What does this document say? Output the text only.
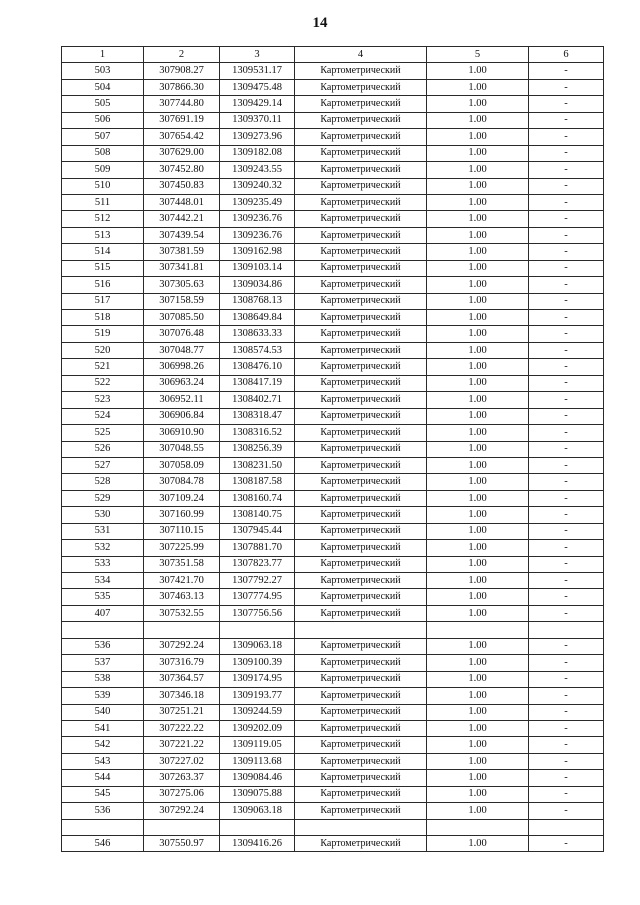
14
1	2	3	4	5	6
503	307908.27	1309531.17	Картометрический	1.00	-
504	307866.30	1309475.48	Картометрический	1.00	-
505	307744.80	1309429.14	Картометрический	1.00	-
506	307691.19	1309370.11	Картометрический	1.00	-
507	307654.42	1309273.96	Картометрический	1.00	-
508	307629.00	1309182.08	Картометрический	1.00	-
509	307452.80	1309243.55	Картометрический	1.00	-
510	307450.83	1309240.32	Картометрический	1.00	-
511	307448.01	1309235.49	Картометрический	1.00	-
512	307442.21	1309236.76	Картометрический	1.00	-
513	307439.54	1309236.76	Картометрический	1.00	-
514	307381.59	1309162.98	Картометрический	1.00	-
515	307341.81	1309103.14	Картометрический	1.00	-
516	307305.63	1309034.86	Картометрический	1.00	-
517	307158.59	1308768.13	Картометрический	1.00	-
518	307085.50	1308649.84	Картометрический	1.00	-
519	307076.48	1308633.33	Картометрический	1.00	-
520	307048.77	1308574.53	Картометрический	1.00	-
521	306998.26	1308476.10	Картометрический	1.00	-
522	306963.24	1308417.19	Картометрический	1.00	-
523	306952.11	1308402.71	Картометрический	1.00	-
524	306906.84	1308318.47	Картометрический	1.00	-
525	306910.90	1308316.52	Картометрический	1.00	-
526	307048.55	1308256.39	Картометрический	1.00	-
527	307058.09	1308231.50	Картометрический	1.00	-
528	307084.78	1308187.58	Картометрический	1.00	-
529	307109.24	1308160.74	Картометрический	1.00	-
530	307160.99	1308140.75	Картометрический	1.00	-
531	307110.15	1307945.44	Картометрический	1.00	-
532	307225.99	1307881.70	Картометрический	1.00	-
533	307351.58	1307823.77	Картометрический	1.00	-
534	307421.70	1307792.27	Картометрический	1.00	-
535	307463.13	1307774.95	Картометрический	1.00	-
407	307532.55	1307756.56	Картометрический	1.00	-

536	307292.24	1309063.18	Картометрический	1.00	-
537	307316.79	1309100.39	Картометрический	1.00	-
538	307364.57	1309174.95	Картометрический	1.00	-
539	307346.18	1309193.77	Картометрический	1.00	-
540	307251.21	1309244.59	Картометрический	1.00	-
541	307222.22	1309202.09	Картометрический	1.00	-
542	307221.22	1309119.05	Картометрический	1.00	-
543	307227.02	1309113.68	Картометрический	1.00	-
544	307263.37	1309084.46	Картометрический	1.00	-
545	307275.06	1309075.88	Картометрический	1.00	-
536	307292.24	1309063.18	Картометрический	1.00	-

546	307550.97	1309416.26	Картометрический	1.00	-
